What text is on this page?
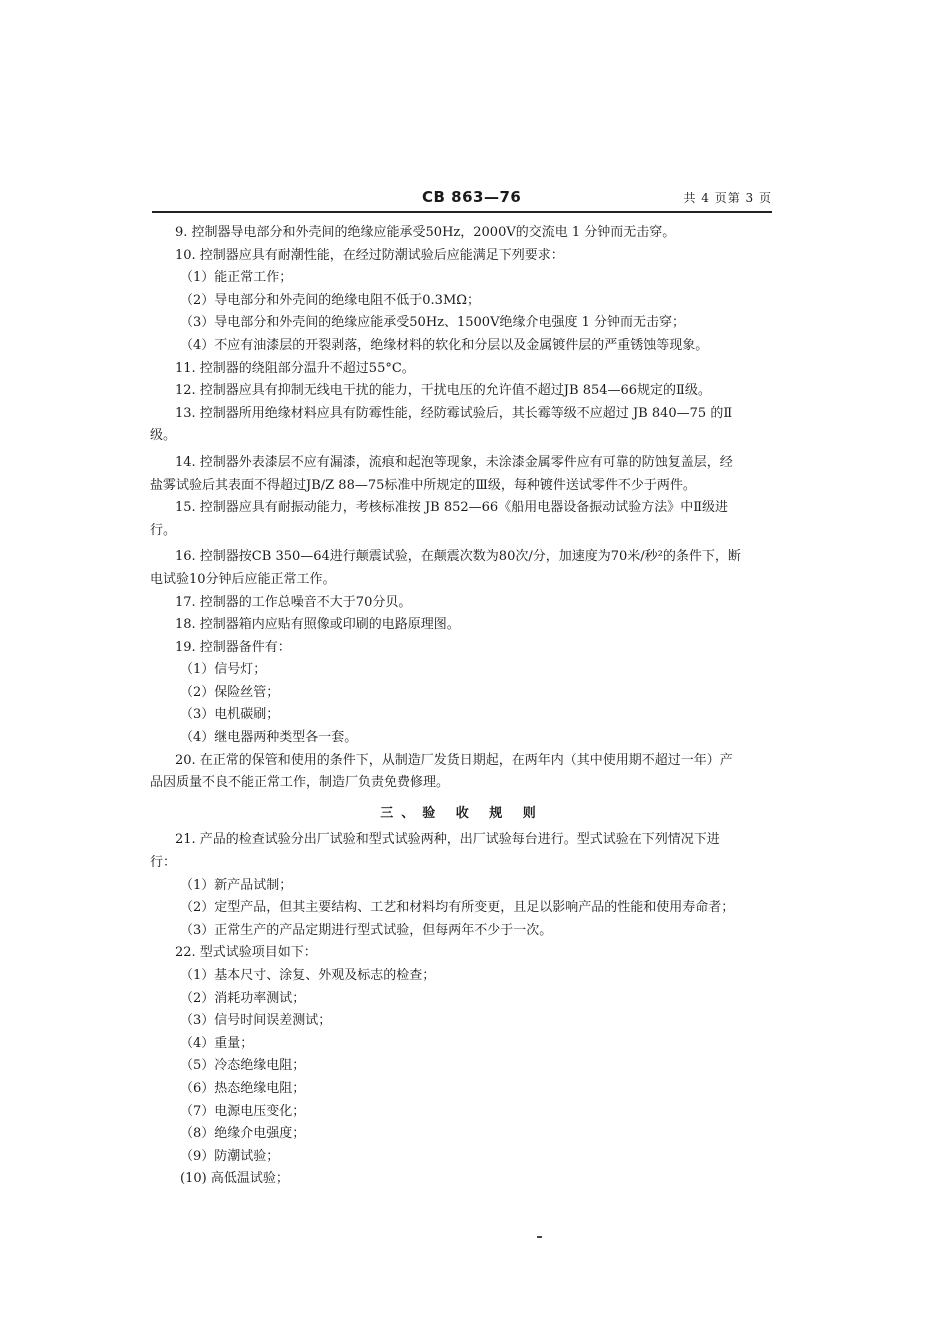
CB 863—76	共 4 页第 3 页
9. 控制器导电部分和外壳间的绝缘应能承受50Hz，2000V的交流电 1 分钟而无击穿。
10. 控制器应具有耐潮性能，在经过防潮试验后应能满足下列要求：
（1）能正常工作；
（2）导电部分和外壳间的绝缘电阻不低于0.3MΩ；
（3）导电部分和外壳间的绝缘应能承受50Hz、1500V绝缘介电强度 1 分钟而无击穿；
（4）不应有油漆层的开裂剥落，绝缘材料的软化和分层以及金属镀件层的严重锈蚀等现象。
11. 控制器的绕阻部分温升不超过55°C。
12. 控制器应具有抑制无线电干扰的能力，干扰电压的允许值不超过JB 854—66规定的Ⅱ级。
13. 控制器所用绝缘材料应具有防霉性能，经防霉试验后，其长霉等级不应超过 JB 840—75 的Ⅱ
级。
14. 控制器外表漆层不应有漏漆，流痕和起泡等现象，未涂漆金属零件应有可靠的防蚀复盖层，经
盐雾试验后其表面不得超过JB/Z 88—75标准中所规定的Ⅲ级，每种镀件送试零件不少于两件。
15. 控制器应具有耐振动能力，考核标准按 JB 852—66《船用电器设备振动试验方法》中Ⅱ级进
行。
16. 控制器按CB 350—64进行颠震试验，在颠震次数为80次/分，加速度为70米/秒²的条件下，断
电试验10分钟后应能正常工作。
17. 控制器的工作总噪音不大于70分贝。
18. 控制器箱内应贴有照像或印刷的电路原理图。
19. 控制器备件有：
（1）信号灯；
（2）保险丝管；
（3）电机碳刷；
（4）继电器两种类型各一套。
20. 在正常的保管和使用的条件下，从制造厂发货日期起，在两年内（其中使用期不超过一年）产
品因质量不良不能正常工作，制造厂负责免费修理。
三、验 收 规 则
21. 产品的检查试验分出厂试验和型式试验两种，出厂试验每台进行。型式试验在下列情况下进
行：
（1）新产品试制；
（2）定型产品，但其主要结构、工艺和材料均有所变更，且足以影响产品的性能和使用寿命者；
（3）正常生产的产品定期进行型式试验，但每两年不少于一次。
22. 型式试验项目如下：
（1）基本尺寸、涂复、外观及标志的检查；
（2）消耗功率测试；
（3）信号时间误差测试；
（4）重量；
（5）冷态绝缘电阻；
（6）热态绝缘电阻；
（7）电源电压变化；
（8）绝缘介电强度；
（9）防潮试验；
(10) 高低温试验；
